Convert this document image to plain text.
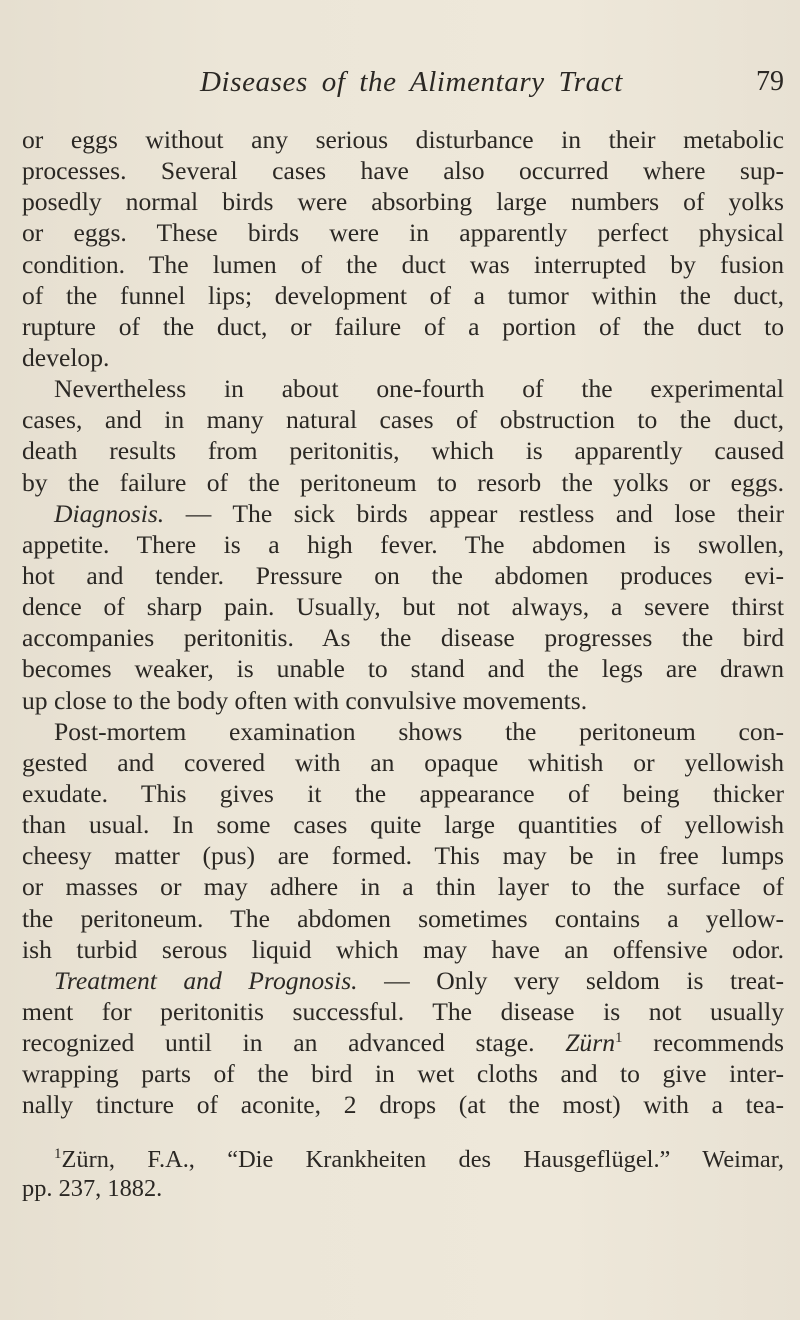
Diseases of the Alimentary Tract	79
or eggs without any serious disturbance in their metabolic
processes. Several cases have also occurred where sup-
posedly normal birds were absorbing large numbers of yolks
or eggs. These birds were in apparently perfect physical
condition. The lumen of the duct was interrupted by fusion
of the funnel lips; development of a tumor within the duct,
rupture of the duct, or failure of a portion of the duct to
develop.
Nevertheless in about one-fourth of the experimental
cases, and in many natural cases of obstruction to the duct,
death results from peritonitis, which is apparently caused
by the failure of the peritoneum to resorb the yolks or eggs.
Diagnosis. — The sick birds appear restless and lose their
appetite. There is a high fever. The abdomen is swollen,
hot and tender. Pressure on the abdomen produces evi-
dence of sharp pain. Usually, but not always, a severe thirst
accompanies peritonitis. As the disease progresses the bird
becomes weaker, is unable to stand and the legs are drawn
up close to the body often with convulsive movements.
Post-mortem examination shows the peritoneum con-
gested and covered with an opaque whitish or yellowish
exudate. This gives it the appearance of being thicker
than usual. In some cases quite large quantities of yellowish
cheesy matter (pus) are formed. This may be in free lumps
or masses or may adhere in a thin layer to the surface of
the peritoneum. The abdomen sometimes contains a yellow-
ish turbid serous liquid which may have an offensive odor.
Treatment and Prognosis. — Only very seldom is treat-
ment for peritonitis successful. The disease is not usually
recognized until in an advanced stage. Zürn$^1$ recommends
wrapping parts of the bird in wet cloths and to give inter-
nally tincture of aconite, 2 drops (at the most) with a tea-
$^1$Zürn, F.A., “Die Krankheiten des Hausgeflügel.” Weimar,
pp. 237, 1882.
